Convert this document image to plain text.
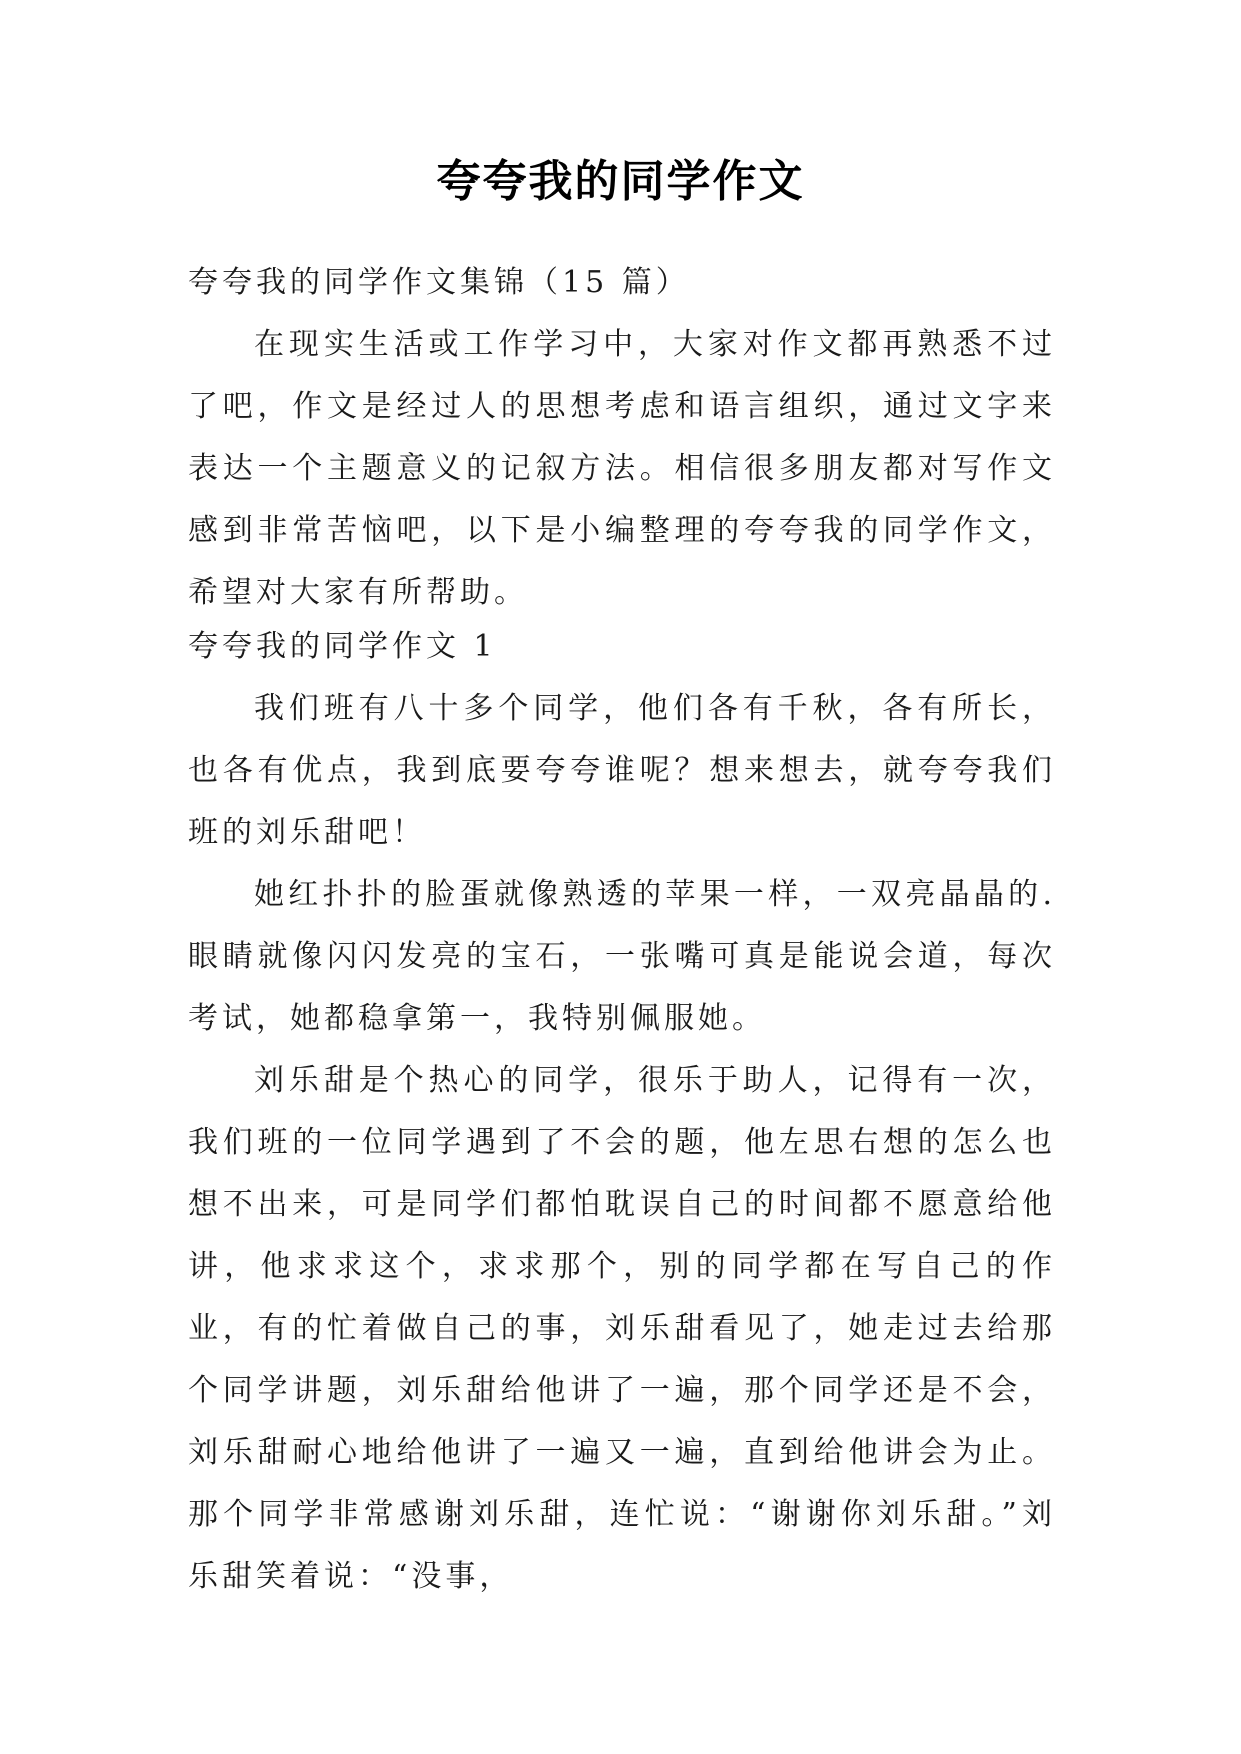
夸夸我的同学作文

夸夸我的同学作文集锦（15 篇）

在现实生活或工作学习中，大家对作文都再熟悉不过了吧，作文是经过人的思想考虑和语言组织，通过文字来表达一个主题意义的记叙方法。相信很多朋友都对写作文感到非常苦恼吧，以下是小编整理的夸夸我的同学作文，希望对大家有所帮助。

夸夸我的同学作文 1

我们班有八十多个同学，他们各有千秋，各有所长，也各有优点，我到底要夸夸谁呢？想来想去，就夸夸我们班的刘乐甜吧！

她红扑扑的脸蛋就像熟透的苹果一样，一双亮晶晶的.眼睛就像闪闪发亮的宝石，一张嘴可真是能说会道，每次考试，她都稳拿第一，我特别佩服她。

刘乐甜是个热心的同学，很乐于助人，记得有一次，我们班的一位同学遇到了不会的题，他左思右想的怎么也想不出来，可是同学们都怕耽误自己的时间都不愿意给他讲，他求求这个，求求那个，别的同学都在写自己的作业，有的忙着做自己的事，刘乐甜看见了，她走过去给那个同学讲题，刘乐甜给他讲了一遍，那个同学还是不会，刘乐甜耐心地给他讲了一遍又一遍，直到给他讲会为止。那个同学非常感谢刘乐甜，连忙说：“谢谢你刘乐甜。”刘乐甜笑着说：“没事，
